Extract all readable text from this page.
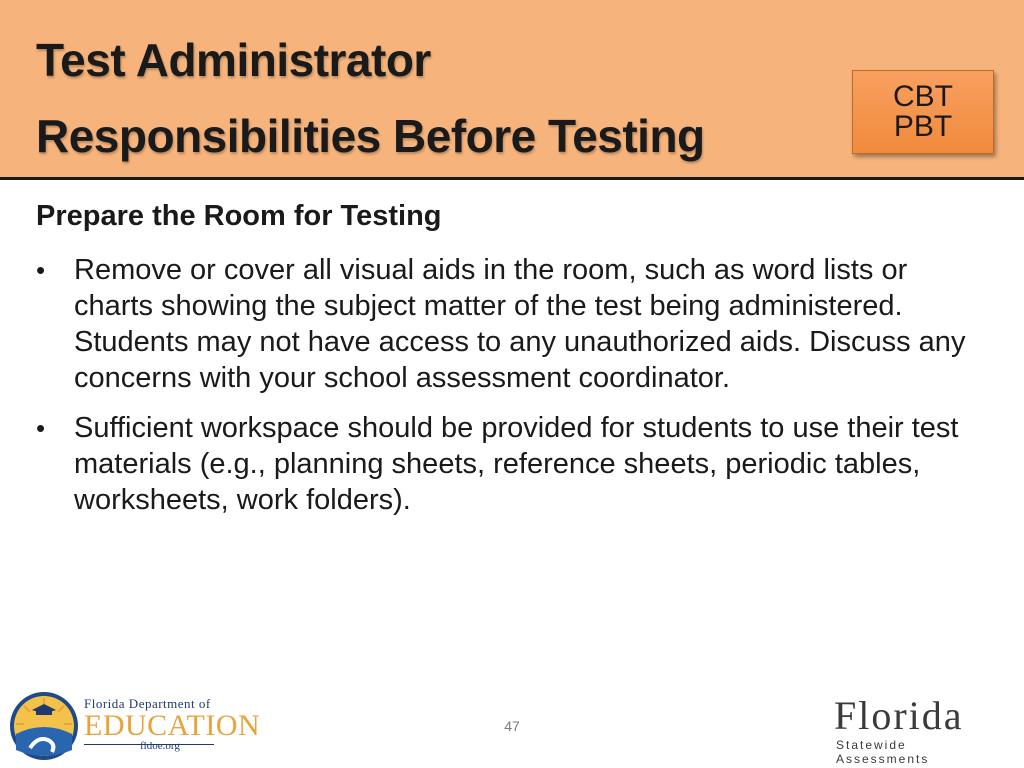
Test Administrator
Responsibilities Before Testing
CBT
PBT
Prepare the Room for Testing
• Remove or cover all visual aids in the room, such as word lists or charts showing the subject matter of the test being administered. Students may not have access to any unauthorized aids. Discuss any concerns with your school assessment coordinator.
• Sufficient workspace should be provided for students to use their test materials (e.g., planning sheets, reference sheets, periodic tables, worksheets, work folders).
Florida Department of
EDUCATION
fldoe.org
47	Florida
Statewide Assessments
